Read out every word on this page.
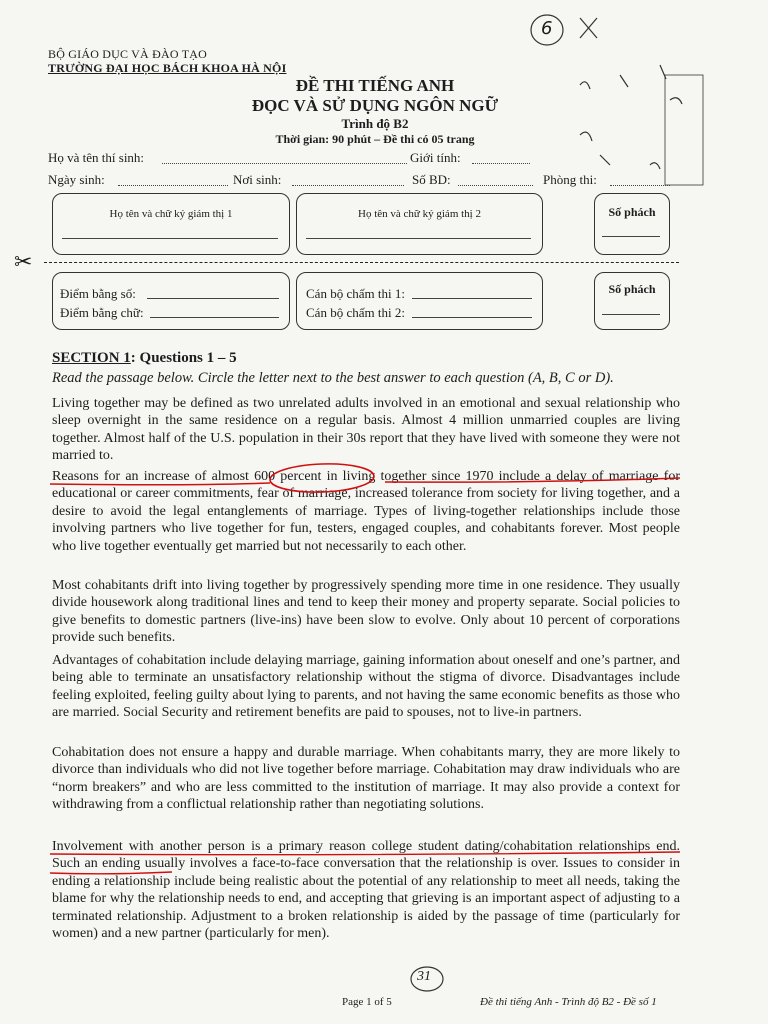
6
BỘ GIÁO DỤC VÀ ĐÀO TẠO
TRƯỜNG ĐẠI HỌC BÁCH KHOA HÀ NỘI
ĐỀ THI TIẾNG ANH
ĐỌC VÀ SỬ DỤNG NGÔN NGỮ
Trình độ B2
Thời gian: 90 phút – Đề thi có 05 trang
Họ và tên thí sinh:	Giới tính:
Ngày sinh:	Nơi sinh:	Số BD:	Phòng thi:
Họ tên và chữ ký giám thị 1	Họ tên và chữ ký giám thị 2	Số phách
✂
Điểm bằng số:
Điểm bằng chữ:
Cán bộ chấm thi 1:
Cán bộ chấm thi 2:
Số phách
SECTION 1: Questions 1 – 5
Read the passage below. Circle the letter next to the best answer to each question (A, B, C or D).

Living together may be defined as two unrelated adults involved in an emotional and sexual relationship who sleep overnight in the same residence on a regular basis. Almost 4 million unmarried couples are living together. Almost half of the U.S. population in their 30s report that they have lived with someone they were not married to.

Reasons for an increase of almost 600 percent in living together since 1970 include a delay of marriage for educational or career commitments, fear of marriage, increased tolerance from society for living together, and a desire to avoid the legal entanglements of marriage. Types of living-together relationships include those involving partners who live together for fun, testers, engaged couples, and cohabitants forever. Most people who live together eventually get married but not necessarily to each other.

Most cohabitants drift into living together by progressively spending more time in one residence. They usually divide housework along traditional lines and tend to keep their money and property separate. Social policies to give benefits to domestic partners (live-ins) have been slow to evolve. Only about 10 percent of corporations provide such benefits.

Advantages of cohabitation include delaying marriage, gaining information about oneself and one’s partner, and being able to terminate an unsatisfactory relationship without the stigma of divorce. Disadvantages include feeling exploited, feeling guilty about lying to parents, and not having the same economic benefits as those who are married. Social Security and retirement benefits are paid to spouses, not to live-in partners.

Cohabitation does not ensure a happy and durable marriage. When cohabitants marry, they are more likely to divorce than individuals who did not live together before marriage. Cohabitation may draw individuals who are “norm breakers” and who are less committed to the institution of marriage. It may also provide a context for withdrawing from a conflictual relationship rather than negotiating solutions.

Involvement with another person is a primary reason college student dating/cohabitation relationships end. Such an ending usually involves a face-to-face conversation that the relationship is over. Issues to consider in ending a relationship include being realistic about the potential of any relationship to meet all needs, taking the blame for why the relationship needs to end, and accepting that grieving is an important aspect of adjusting to a terminated relationship. Adjustment to a broken relationship is aided by the passage of time (particularly for women) and a new partner (particularly for men).

31
Page 1 of 5	Đề thi tiếng Anh - Trình độ B2 - Đề số 1
